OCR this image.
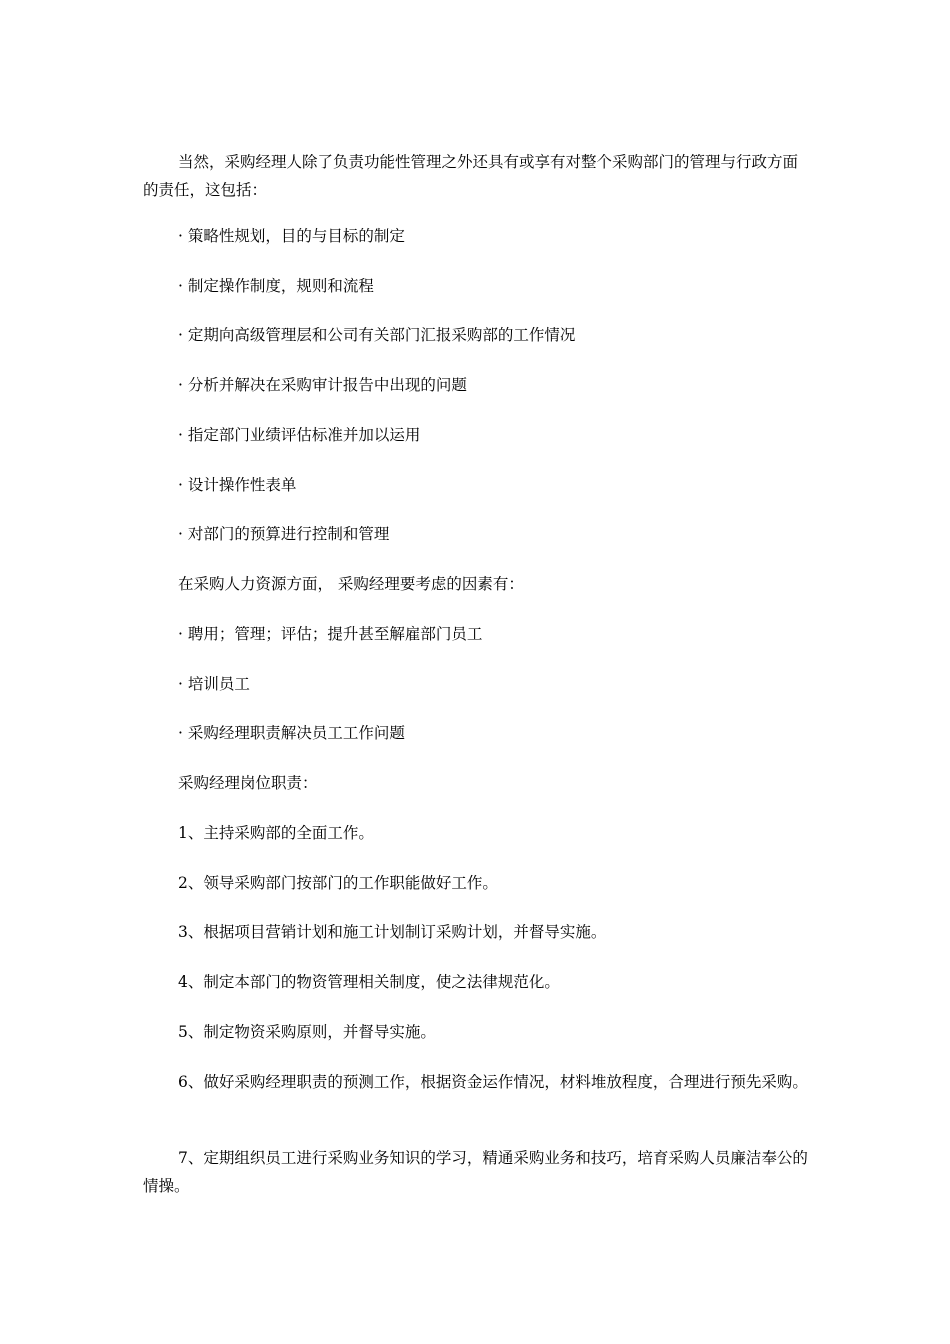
当然，采购经理人除了负责功能性管理之外还具有或享有对整个采购部门的管理与行政方面的责任，这包括：

· 策略性规划，目的与目标的制定

· 制定操作制度，规则和流程

· 定期向高级管理层和公司有关部门汇报采购部的工作情况

· 分析并解决在采购审计报告中出现的问题

· 指定部门业绩评估标准并加以运用

· 设计操作性表单

· 对部门的预算进行控制和管理

在采购人力资源方面， 采购经理要考虑的因素有：

· 聘用；管理；评估；提升甚至解雇部门员工

· 培训员工

· 采购经理职责解决员工工作问题

采购经理岗位职责：

1、主持采购部的全面工作。

2、领导采购部门按部门的工作职能做好工作。

3、根据项目营销计划和施工计划制订采购计划，并督导实施。

4、制定本部门的物资管理相关制度，使之法律规范化。

5、制定物资采购原则，并督导实施。

6、做好采购经理职责的预测工作，根据资金运作情况，材料堆放程度，合理进行预先采购。

7、定期组织员工进行采购业务知识的学习，精通采购业务和技巧，培育采购人员廉洁奉公的情操。
